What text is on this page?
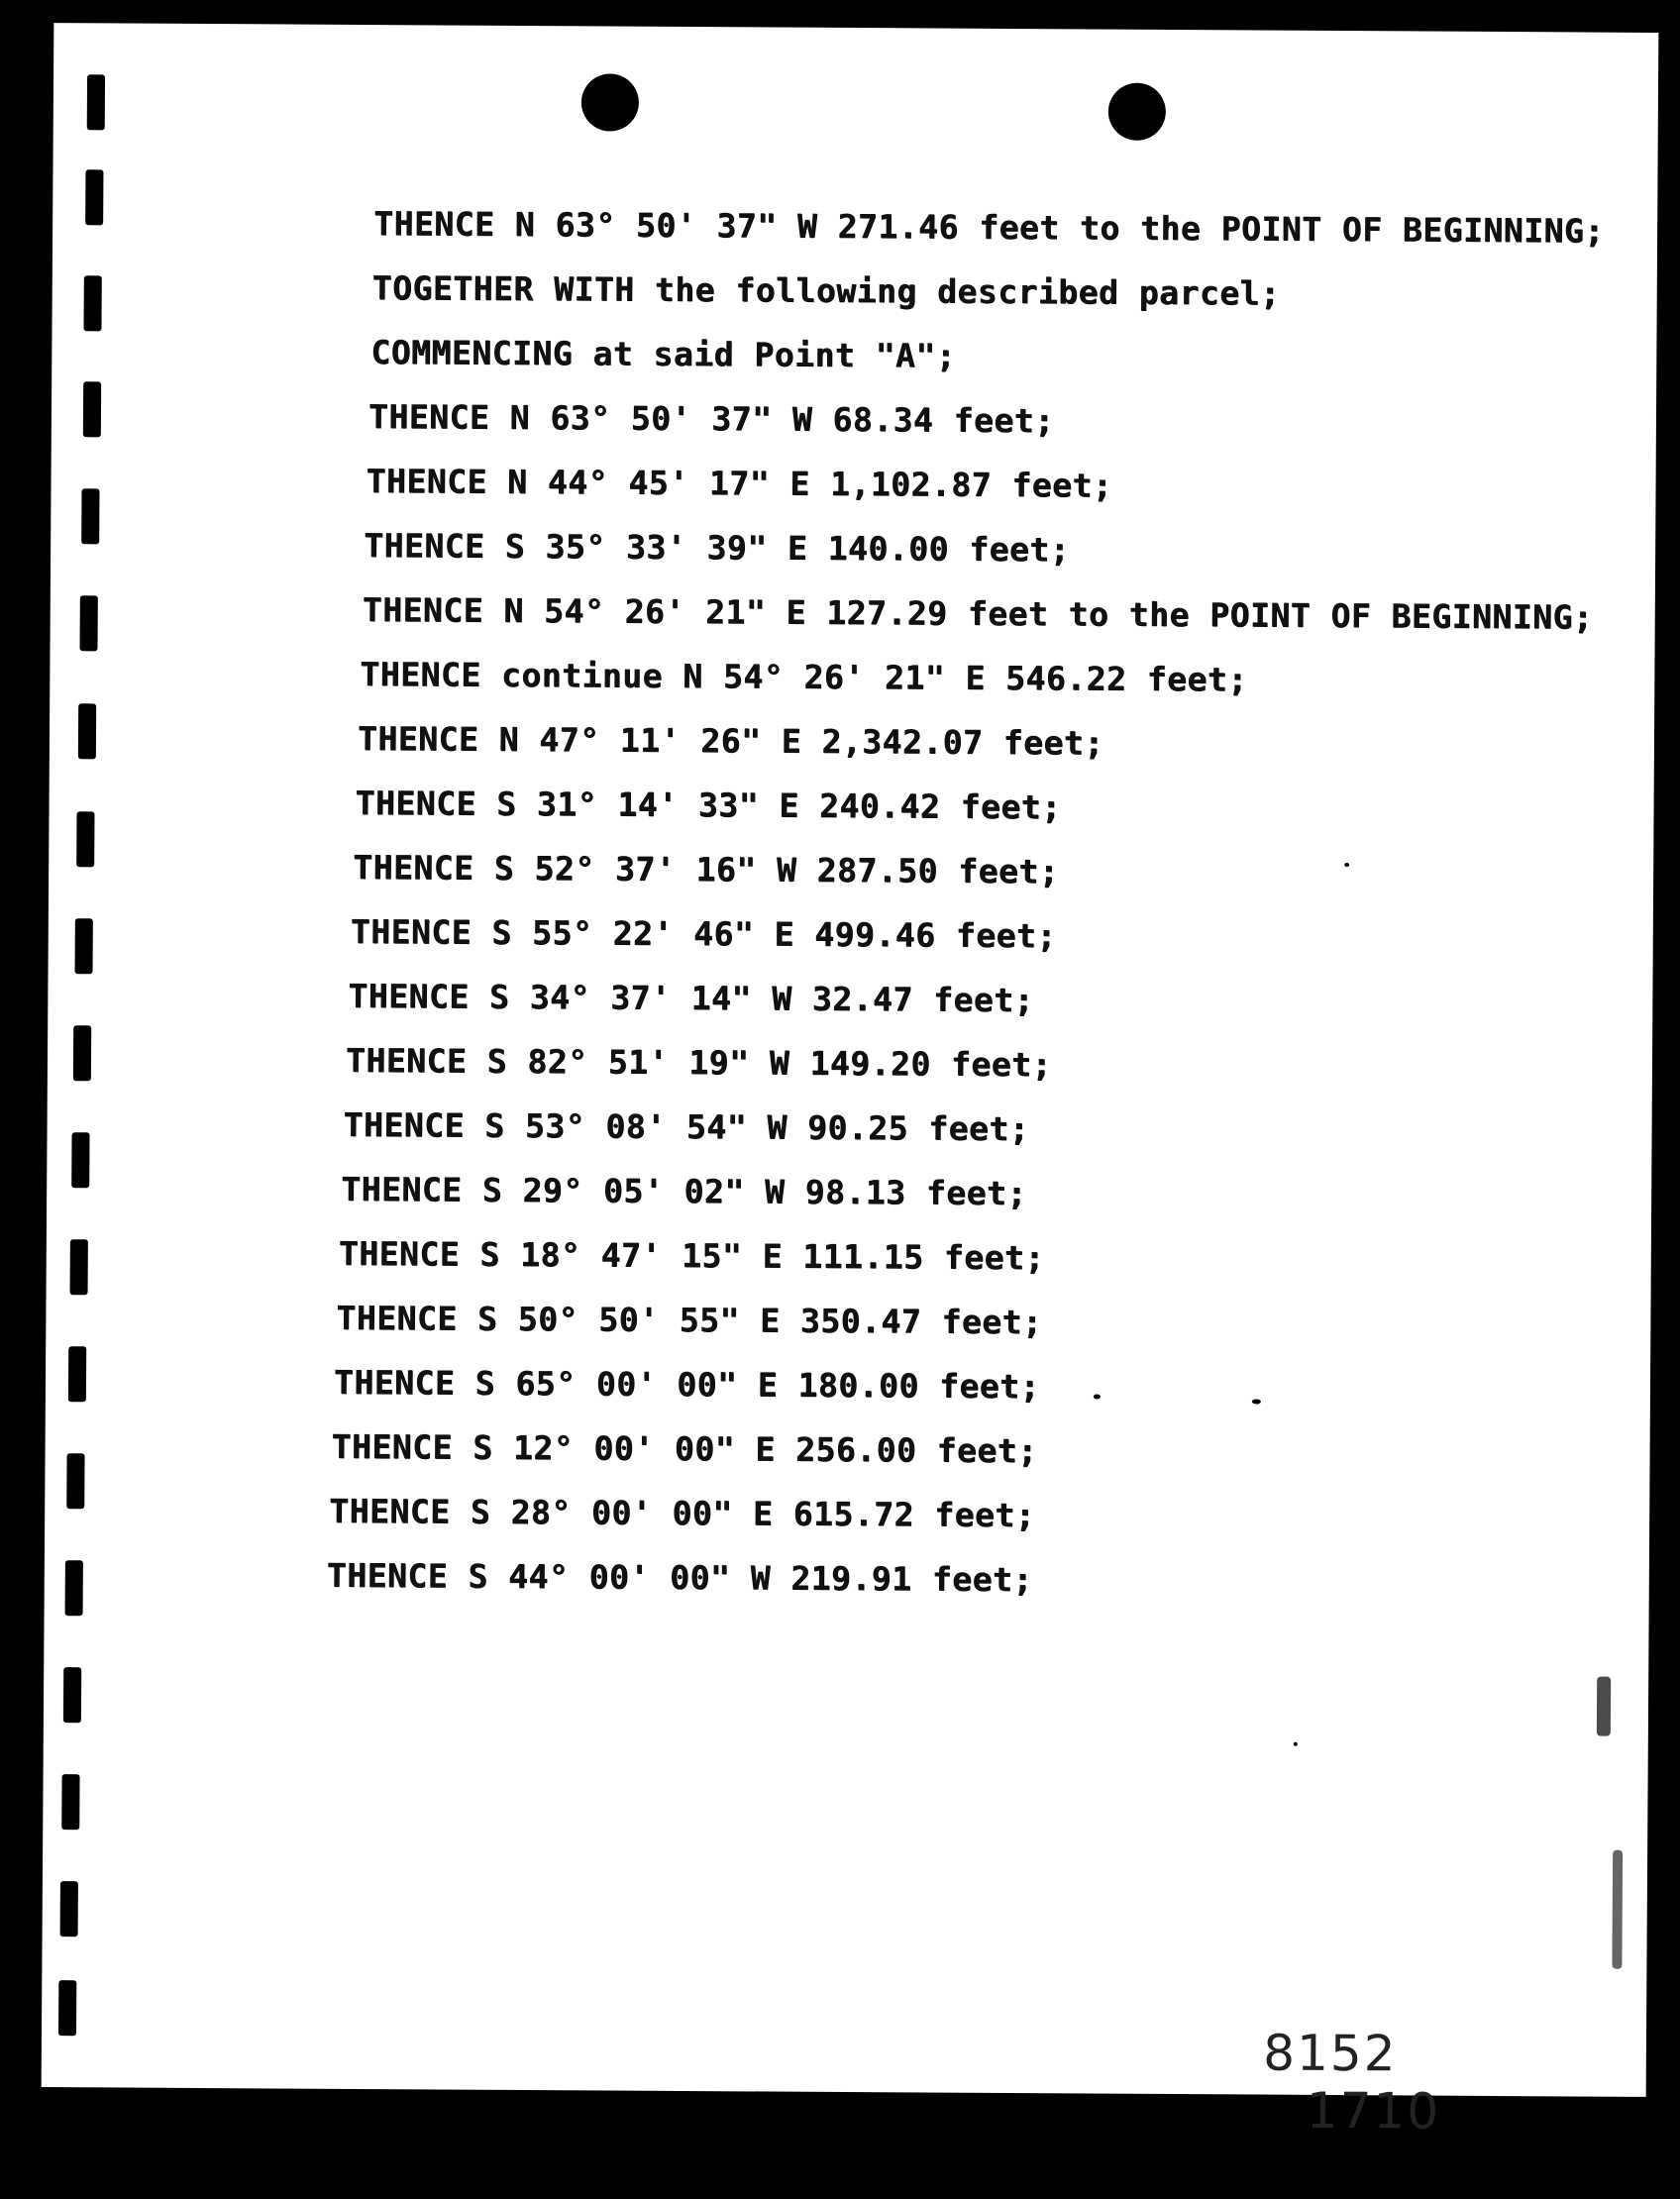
THENCE N 63° 50' 37" W 271.46 feet to the POINT OF BEGINNING;
TOGETHER WITH the following described parcel;
COMMENCING at said Point "A";
THENCE N 63° 50' 37" W 68.34 feet;
THENCE N 44° 45' 17" E 1,102.87 feet;
THENCE S 35° 33' 39" E 140.00 feet;
THENCE N 54° 26' 21" E 127.29 feet to the POINT OF BEGINNING;
THENCE continue N 54° 26' 21" E 546.22 feet;
THENCE N 47° 11' 26" E 2,342.07 feet;
THENCE S 31° 14' 33" E 240.42 feet;
THENCE S 52° 37' 16" W 287.50 feet;
THENCE S 55° 22' 46" E 499.46 feet;
THENCE S 34° 37' 14" W 32.47 feet;
THENCE S 82° 51' 19" W 149.20 feet;
THENCE S 53° 08' 54" W 90.25 feet;
THENCE S 29° 05' 02" W 98.13 feet;
THENCE S 18° 47' 15" E 111.15 feet;
THENCE S 50° 50' 55" E 350.47 feet;
THENCE S 65° 00' 00" E 180.00 feet;
THENCE S 12° 00' 00" E 256.00 feet;
THENCE S 28° 00' 00" E 615.72 feet;
THENCE S 44° 00' 00" W 219.91 feet;

8152
1710
